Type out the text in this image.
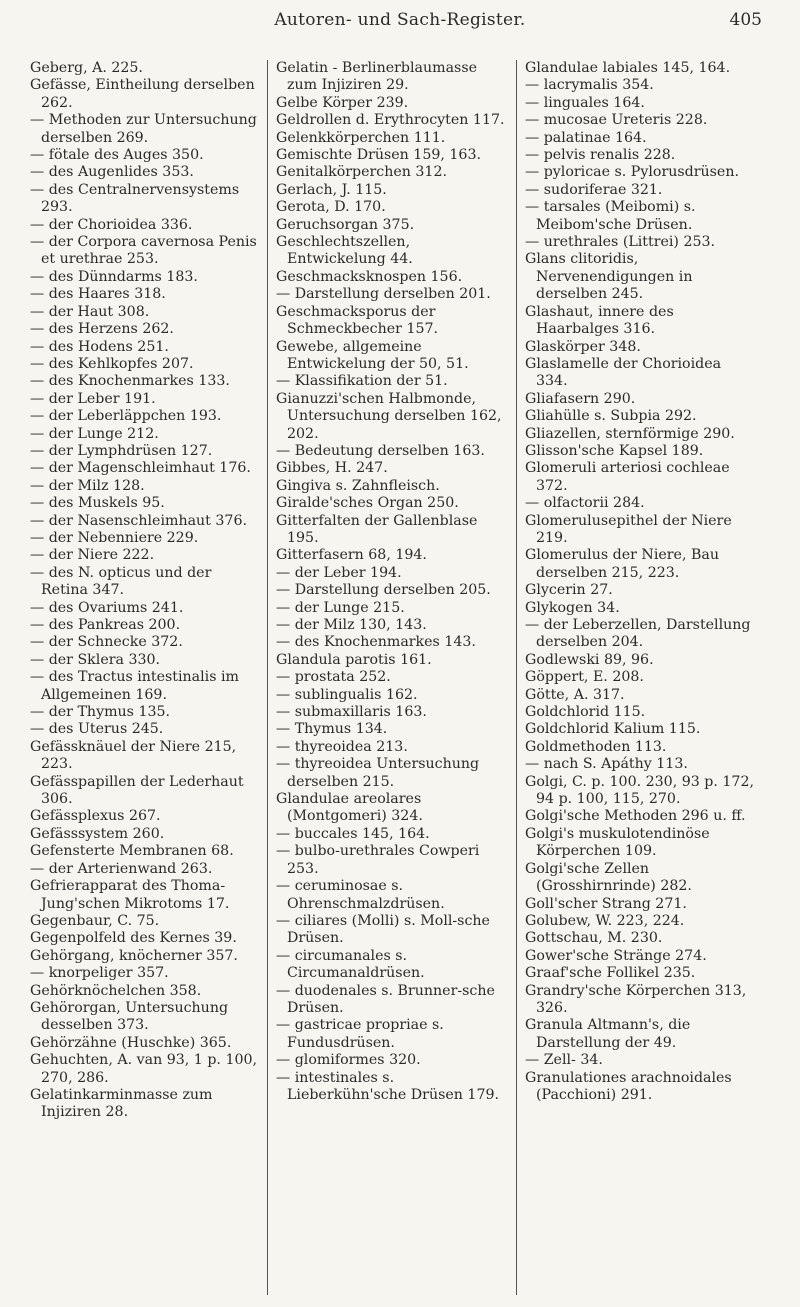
Autoren- und Sach-Register.	405
Geberg, A. 225.
Gefässe, Eintheilung derselben 262.
— Methoden zur Untersuchung derselben 269.
— fötale des Auges 350.
— des Augenlides 353.
— des Centralnervensystems 293.
— der Chorioidea 336.
— der Corpora cavernosa Penis et urethrae 253.
— des Dünndarms 183.
— des Haares 318.
— der Haut 308.
— des Herzens 262.
— des Hodens 251.
— des Kehlkopfes 207.
— des Knochenmarkes 133.
— der Leber 191.
— der Leberläppchen 193.
— der Lunge 212.
— der Lymphdrüsen 127.
— der Magenschleimhaut 176.
— der Milz 128.
— des Muskels 95.
— der Nasenschleimhaut 376.
— der Nebenniere 229.
— der Niere 222.
— des N. opticus und der Retina 347.
— des Ovariums 241.
— des Pankreas 200.
— der Schnecke 372.
— der Sklera 330.
— des Tractus intestinalis im Allgemeinen 169.
— der Thymus 135.
— des Uterus 245.
Gefässknäuel der Niere 215, 223.
Gefässpapillen der Lederhaut 306.
Gefässplexus 267.
Gefässsystem 260.
Gefensterte Membranen 68.
— der Arterienwand 263.
Gefrierapparat des Thoma-Jung'schen Mikrotoms 17.
Gegenbaur, C. 75.
Gegenpolfeld des Kernes 39.
Gehörgang, knöcherner 357.
— knorpeliger 357.
Gehörknöchelchen 358.
Gehörorgan, Untersuchung desselben 373.
Gehörzähne (Huschke) 365.
Gehuchten, A. van 93, 1 p. 100, 270, 286.
Gelatinkarminmasse zum Injiziren 28.
Gelatin - Berlinerblaumasse zum Injiziren 29.
Gelbe Körper 239.
Geldrollen d. Erythrocyten 117.
Gelenkkörperchen 111.
Gemischte Drüsen 159, 163.
Genitalkörperchen 312.
Gerlach, J. 115.
Gerota, D. 170.
Geruchsorgan 375.
Geschlechtszellen, Entwickelung 44.
Geschmacksknospen 156.
— Darstellung derselben 201.
Geschmacksporus der Schmeckbecher 157.
Gewebe, allgemeine Entwickelung der 50, 51.
— Klassifikation der 51.
Gianuzzi'schen Halbmonde, Untersuchung derselben 162, 202.
— Bedeutung derselben 163.
Gibbes, H. 247.
Gingiva s. Zahnfleisch.
Giralde'sches Organ 250.
Gitterfalten der Gallenblase 195.
Gitterfasern 68, 194.
— der Leber 194.
— Darstellung derselben 205.
— der Lunge 215.
— der Milz 130, 143.
— des Knochenmarkes 143.
Glandula parotis 161.
— prostata 252.
— sublingualis 162.
— submaxillaris 163.
— Thymus 134.
— thyreoidea 213.
— thyreoidea Untersuchung derselben 215.
Glandulae areolares (Montgomeri) 324.
— buccales 145, 164.
— bulbo-urethrales Cowperi 253.
— ceruminosae s. Ohrenschmalzdrüsen.
— ciliares (Molli) s. Moll-sche Drüsen.
— circumanales s. Circumanaldrüsen.
— duodenales s. Brunner-sche Drüsen.
— gastricae propriae s. Fundusdrüsen.
— glomiformes 320.
— intestinales s. Lieberkühn'sche Drüsen 179.
Glandulae labiales 145, 164.
— lacrymalis 354.
— linguales 164.
— mucosae Ureteris 228.
— palatinae 164.
— pelvis renalis 228.
— pyloricae s. Pylorusdrüsen.
— sudoriferae 321.
— tarsales (Meibomi) s. Meibom'sche Drüsen.
— urethrales (Littrei) 253.
Glans clitoridis, Nervenendigungen in derselben 245.
Glashaut, innere des Haarbalges 316.
Glaskörper 348.
Glaslamelle der Chorioidea 334.
Gliafasern 290.
Gliahülle s. Subpia 292.
Gliazellen, sternförmige 290.
Glisson'sche Kapsel 189.
Glomeruli arteriosi cochleae 372.
— olfactorii 284.
Glomerulusepithel der Niere 219.
Glomerulus der Niere, Bau derselben 215, 223.
Glycerin 27.
Glykogen 34.
— der Leberzellen, Darstellung derselben 204.
Godlewski 89, 96.
Göppert, E. 208.
Götte, A. 317.
Goldchlorid 115.
Goldchlorid Kalium 115.
Goldmethoden 113.
— nach S. Apáthy 113.
Golgi, C. p. 100. 230, 93 p. 172, 94 p. 100, 115, 270.
Golgi'sche Methoden 296 u. ff.
Golgi's muskulotendinöse Körperchen 109.
Golgi'sche Zellen (Grosshirnrinde) 282.
Goll'scher Strang 271.
Golubew, W. 223, 224.
Gottschau, M. 230.
Gower'sche Stränge 274.
Graaf'sche Follikel 235.
Grandry'sche Körperchen 313, 326.
Granula Altmann's, die Darstellung der 49.
— Zell- 34.
Granulationes arachnoidales (Pacchioni) 291.
